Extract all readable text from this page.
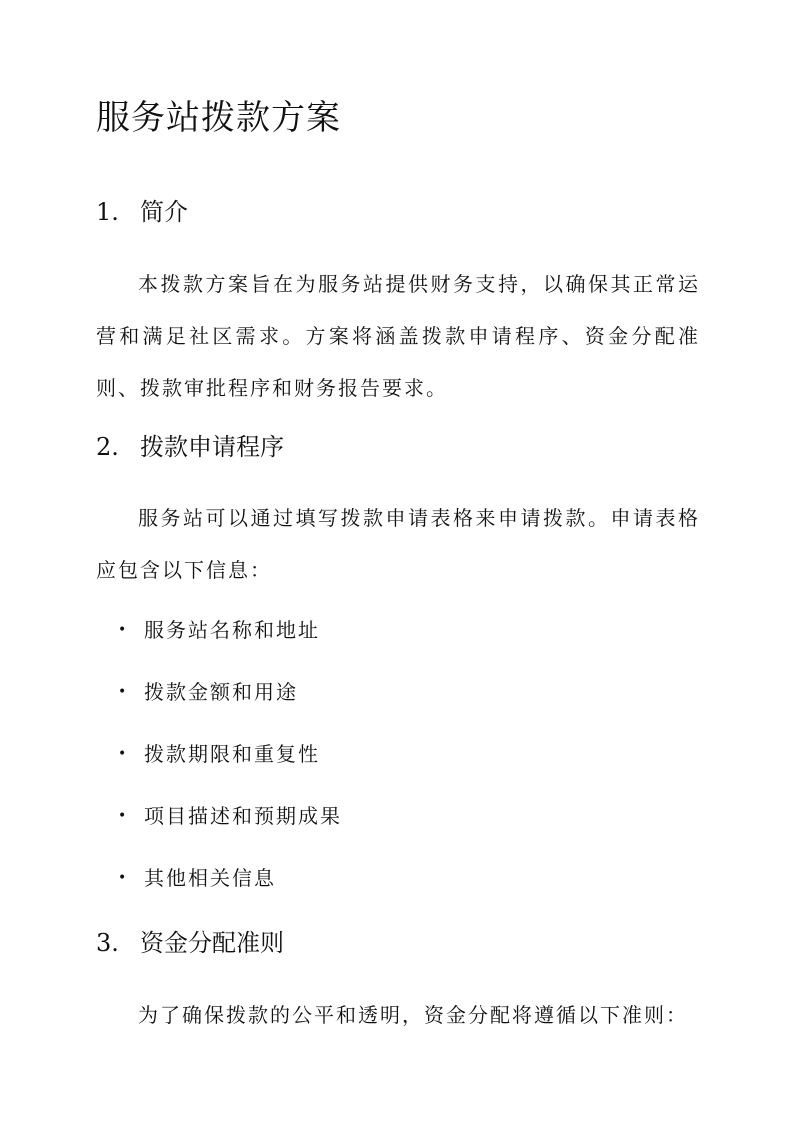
服务站拨款方案
1. 简介

本拨款方案旨在为服务站提供财务支持，以确保其正常运营和满足社区需求。方案将涵盖拨款申请程序、资金分配准则、拨款审批程序和财务报告要求。

2. 拨款申请程序

服务站可以通过填写拨款申请表格来申请拨款。申请表格应包含以下信息：

• 服务站名称和地址
• 拨款金额和用途
• 拨款期限和重复性
• 项目描述和预期成果
• 其他相关信息
3. 资金分配准则

为了确保拨款的公平和透明，资金分配将遵循以下准则：
